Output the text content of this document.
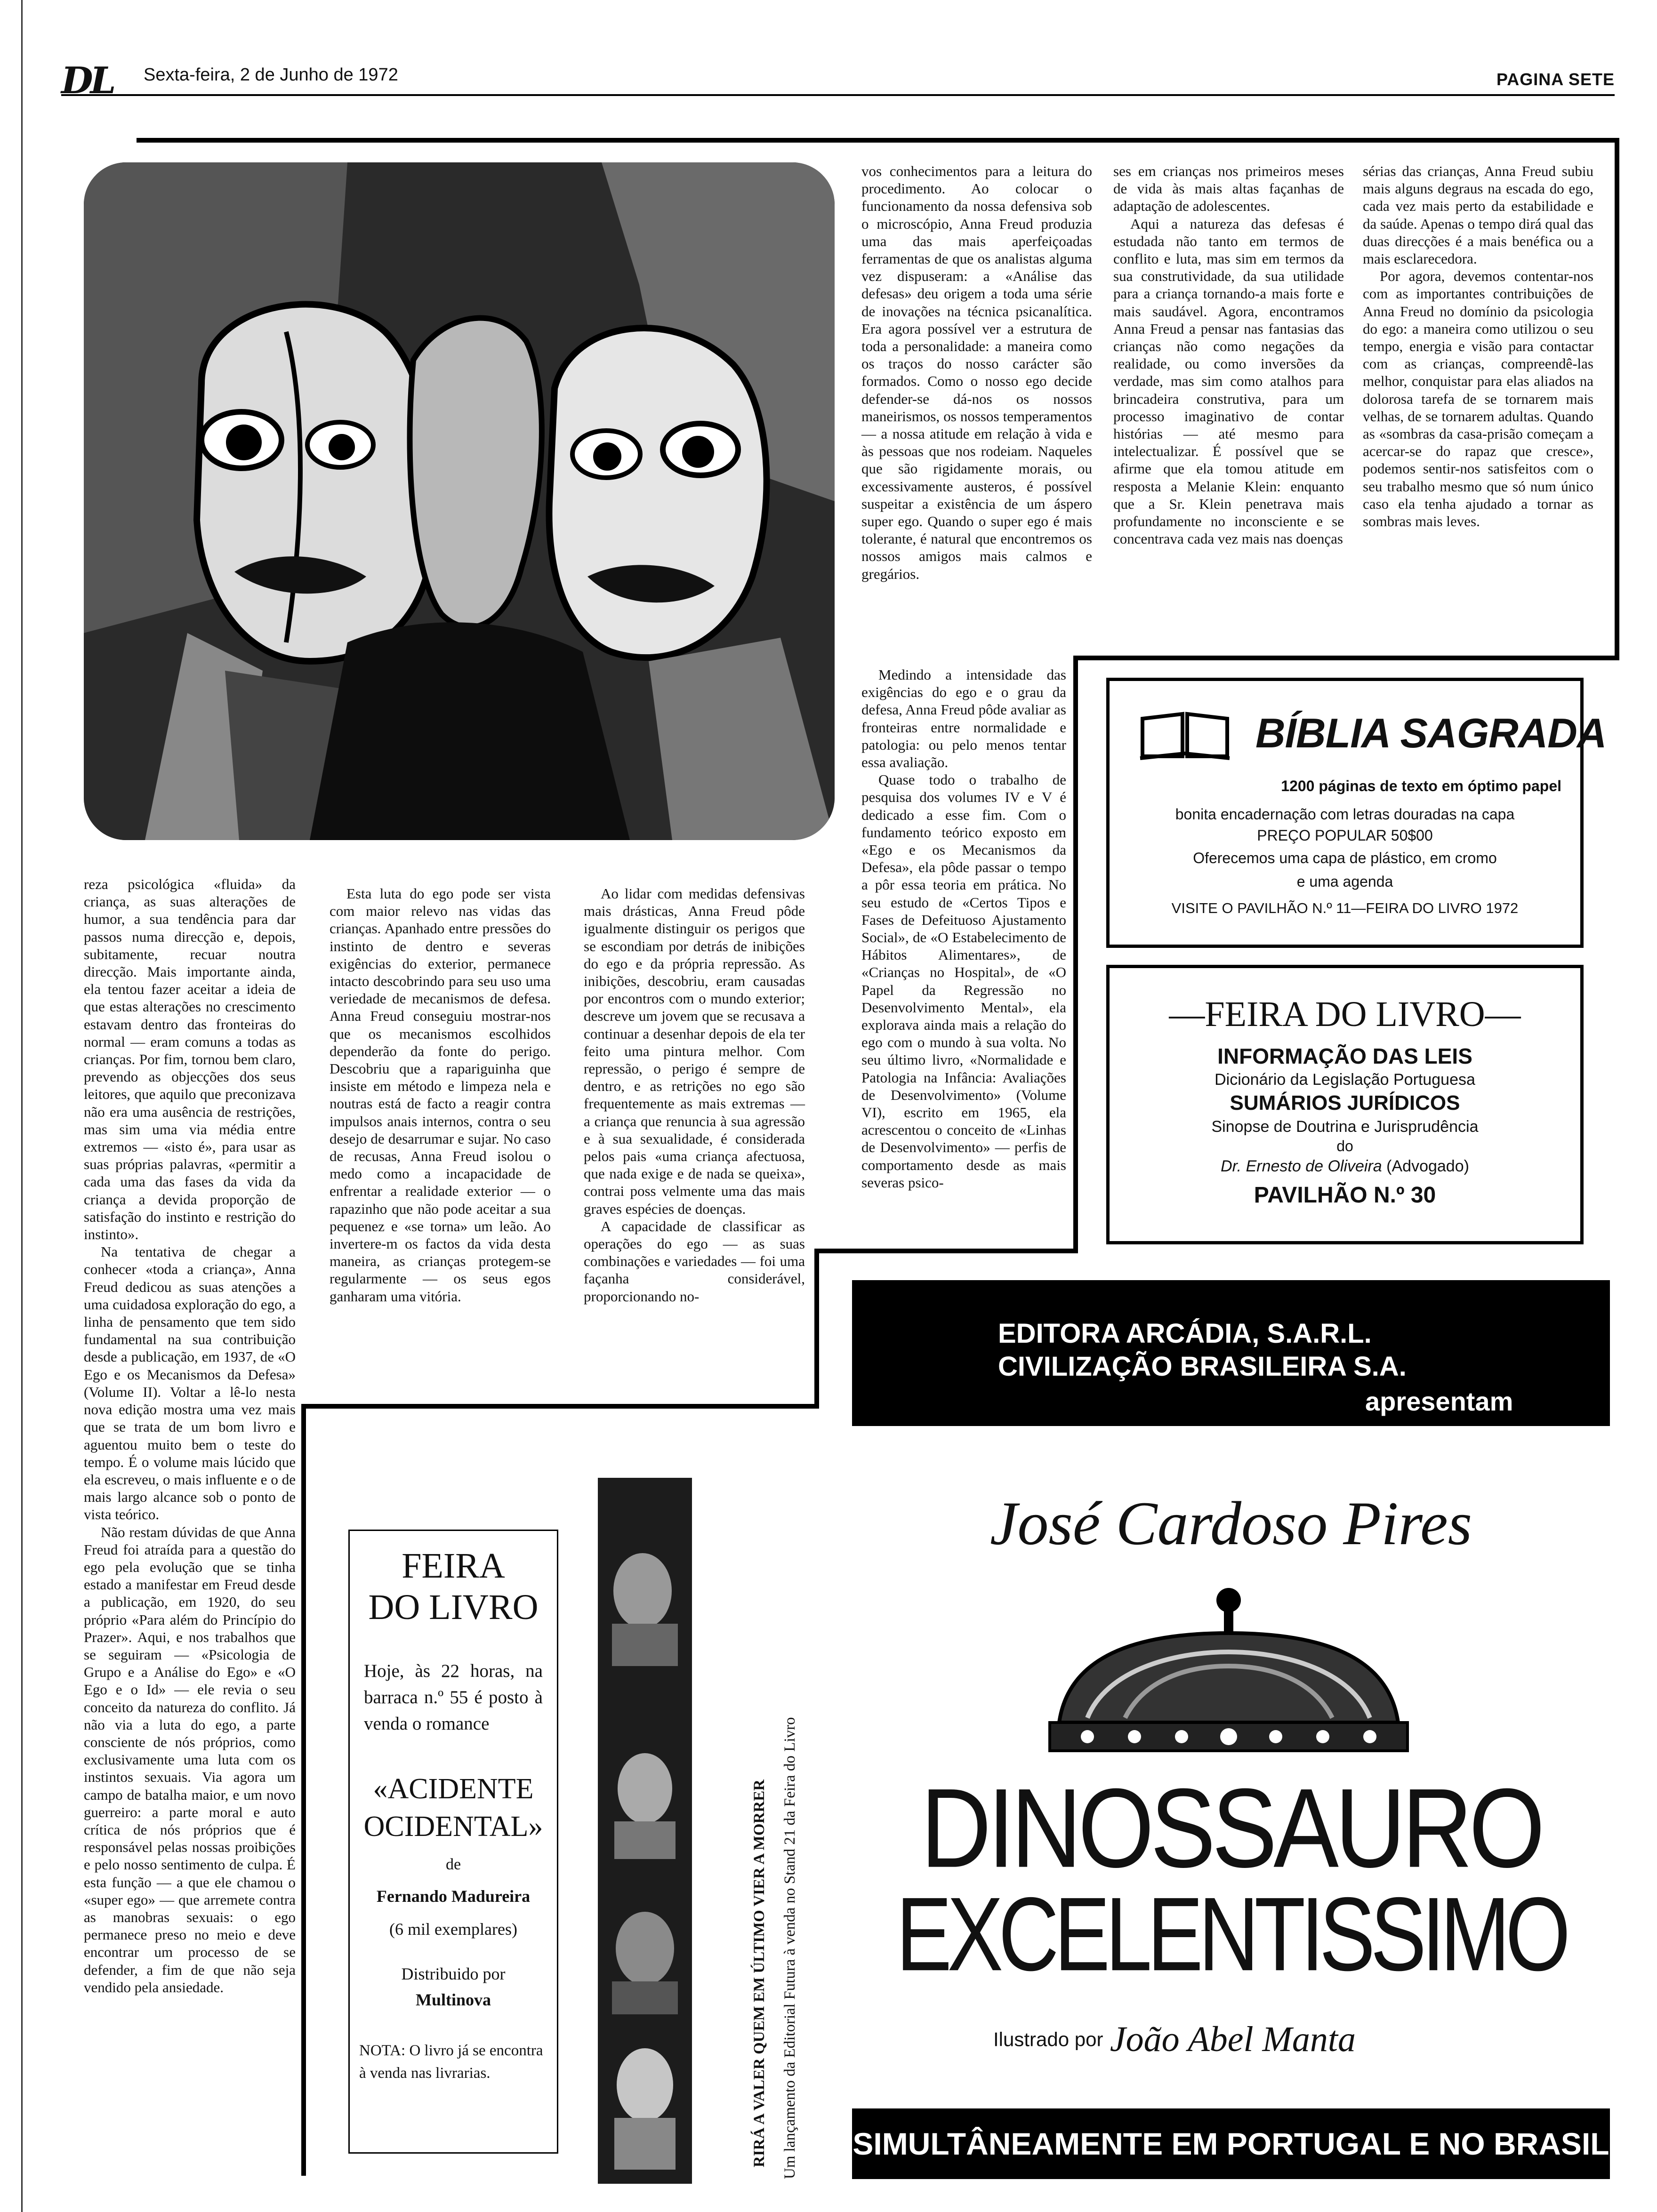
DL Sexta-feira, 2 de Junho de 1972	PAGINA SETE

vos conhecimentos para a leitura do procedimento. Ao colocar o funcionamento da nossa defensiva sob o microscópio, Anna Freud produzia uma das mais aperfeiçoadas ferramentas de que os analistas alguma vez dispuseram: a «Análise das defesas» deu origem a toda uma série de inovações na técnica psicanalítica. Era agora possível ver a estrutura de toda a personalidade: a maneira como os traços do nosso carácter são formados. Como o nosso ego decide defender-se dá-nos os nossos maneirismos, os nossos temperamentos — a nossa atitude em relação à vida e às pessoas que nos rodeiam. Naqueles que são rigidamente morais, ou excessivamente austeros, é possível suspeitar a existência de um áspero super ego. Quando o super ego é mais tolerante, é natural que encontremos os nossos amigos mais calmos e gregários.

ses em crianças nos primeiros meses de vida às mais altas façanhas de adaptação de adolescentes.

Aqui a natureza das defesas é estudada não tanto em termos de conflito e luta, mas sim em termos da sua construtividade, da sua utilidade para a criança tornando-a mais forte e mais saudável. Agora, encontramos Anna Freud a pensar nas fantasias das crianças não como negações da realidade, ou como inversões da verdade, mas sim como atalhos para brincadeira construtiva, para um processo imaginativo de contar histórias — até mesmo para intelectualizar. É possível que se afirme que ela tomou atitude em resposta a Melanie Klein: enquanto que a Sr. Klein penetrava mais profundamente no inconsciente e se concentrava cada vez mais nas doenças

sérias das crianças, Anna Freud subiu mais alguns degraus na escada do ego, cada vez mais perto da estabilidade e da saúde. Apenas o tempo dirá qual das duas direcções é a mais benéfica ou a mais esclarecedora.

Por agora, devemos contentar-nos com as importantes contribuições de Anna Freud no domínio da psicologia do ego: a maneira como utilizou o seu tempo, energia e visão para contactar com as crianças, compreendê-las melhor, conquistar para elas aliados na dolorosa tarefa de se tornarem mais velhas, de se tornarem adultas. Quando as «sombras da casa-prisão começam a acercar-se do rapaz que cresce», podemos sentir-nos satisfeitos com o seu trabalho mesmo que só num único caso ela tenha ajudado a tornar as sombras mais leves.

Medindo a intensidade das exigências do ego e o grau da defesa, Anna Freud pôde avaliar as fronteiras entre normalidade e patologia: ou pelo menos tentar essa avaliação.

Quase todo o trabalho de pesquisa dos volumes IV e V é dedicado a esse fim. Com o fundamento teórico exposto em «Ego e os Mecanismos da Defesa», ela pôde passar o tempo a pôr essa teoria em prática. No seu estudo de «Certos Tipos e Fases de Defeituoso Ajustamento Social», de «O Estabelecimento de Hábitos Alimentares», de «Crianças no Hospital», de «O Papel da Regressão no Desenvolvimento Mental», ela explorava ainda mais a relação do ego com o mundo à sua volta. No seu último livro, «Normalidade e Patologia na Infância: Avaliações de Desenvolvimento» (Volume VI), escrito em 1965, ela acrescentou o conceito de «Linhas de Desenvolvimento» — perfis de comportamento desde as mais severas psico-

reza psicológica «fluida» da criança, as suas alterações de humor, a sua tendência para dar passos numa direcção e, depois, subitamente, recuar noutra direcção. Mais importante ainda, ela tentou fazer aceitar a ideia de que estas alterações no crescimento estavam dentro das fronteiras do normal — eram comuns a todas as crianças. Por fim, tornou bem claro, prevendo as objecções dos seus leitores, que aquilo que preconizava não era uma ausência de restrições, mas sim uma via média entre extremos — «isto é», para usar as suas próprias palavras, «permitir a cada uma das fases da vida da criança a devida proporção de satisfação do instinto e restrição do instinto».

Na tentativa de chegar a conhecer «toda a criança», Anna Freud dedicou as suas atenções a uma cuidadosa exploração do ego, a linha de pensamento que tem sido fundamental na sua contribuição desde a publicação, em 1937, de «O Ego e os Mecanismos da Defesa» (Volume II). Voltar a lê-lo nesta nova edição mostra uma vez mais que se trata de um bom livro e aguentou muito bem o teste do tempo. É o volume mais lúcido que ela escreveu, o mais influente e o de mais largo alcance sob o ponto de vista teórico.

Não restam dúvidas de que Anna Freud foi atraída para a questão do ego pela evolução que se tinha estado a manifestar em Freud desde a publicação, em 1920, do seu próprio «Para além do Princípio do Prazer». Aqui, e nos trabalhos que se seguiram — «Psicologia de Grupo e a Análise do Ego» e «O Ego e o Id» — ele revia o seu conceito da natureza do conflito. Já não via a luta do ego, a parte consciente de nós próprios, como exclusivamente uma luta com os instintos sexuais. Via agora um campo de batalha maior, e um novo guerreiro: a parte moral e auto crítica de nós próprios que é responsável pelas nossas proibições e pelo nosso sentimento de culpa. É esta função — a que ele chamou o «super ego» — que arremete contra as manobras sexuais: o ego permanece preso no meio e deve encontrar um processo de se defender, a fim de que não seja vendido pela ansiedade.

Esta luta do ego pode ser vista com maior relevo nas vidas das crianças. Apanhado entre pressões do instinto de dentro e severas exigências do exterior, permanece intacto descobrindo para seu uso uma veriedade de mecanismos de defesa. Anna Freud conseguiu mostrar-nos que os mecanismos escolhidos dependerão da fonte do perigo. Descobriu que a rapariguinha que insiste em método e limpeza nela e noutras está de facto a reagir contra impulsos anais internos, contra o seu desejo de desarrumar e sujar. No caso de recusas, Anna Freud isolou o medo como a incapacidade de enfrentar a realidade exterior — o rapazinho que não pode aceitar a sua pequenez e «se torna» um leão. Ao invertere-m os factos da vida desta maneira, as crianças protegem-se regularmente — os seus egos ganharam uma vitória.

Ao lidar com medidas defensivas mais drásticas, Anna Freud pôde igualmente distinguir os perigos que se escondiam por detrás de inibições do ego e da própria repressão. As inibições, descobriu, eram causadas por encontros com o mundo exterior; descreve um jovem que se recusava a continuar a desenhar depois de ela ter feito uma pintura melhor. Com repressão, o perigo é sempre de dentro, e as retrições no ego são frequentemente as mais extremas — a criança que renuncia à sua agressão e à sua sexualidade, é considerada pelos pais «uma criança afectuosa, que nada exige e de nada se queixa», contrai poss velmente uma das mais graves espécies de doenças.

A capacidade de classificar as operações do ego — as suas combinações e variedades — foi uma façanha considerável, proporcionando no-

BÍBLIA SAGRADA
1200 páginas de texto em óptimo papel
bonita encadernação com letras douradas na capa
PREÇO POPULAR 50$00
Oferecemos uma capa de plástico, em cromo
e uma agenda
VISITE O PAVILHÃO N.º 11—FEIRA DO LIVRO 1972
—FEIRA DO LIVRO—
INFORMAÇÃO DAS LEIS
Dicionário da Legislação Portuguesa
SUMÁRIOS JURÍDICOS
Sinopse de Doutrina e Jurisprudência
do
Dr. Ernesto de Oliveira (Advogado)
PAVILHÃO N.º 30
EDITORA ARCÁDIA, S.A.R.L.
CIVILIZAÇÃO BRASILEIRA S.A.
apresentam
José Cardoso Pires
DINOSSAURO
EXCELENTISSIMO
Ilustrado por João Abel Manta
SIMULTÂNEAMENTE EM PORTUGAL E NO BRASIL
FEIRA
DO LIVRO
Hoje, às 22 horas, na barraca n.º 55 é posto à venda o romance
«ACIDENTE
OCIDENTAL»
de
Fernando Madureira
(6 mil exemplares)
Distribuido por
Multinova
NOTA: O livro já se encontra à venda nas livrarias.	RIRÁ A VALER QUEM EM ÚLTIMO VIER A MORRER Um lançamento da Editorial Futura à venda no Stand 21 da Feira do Livro
